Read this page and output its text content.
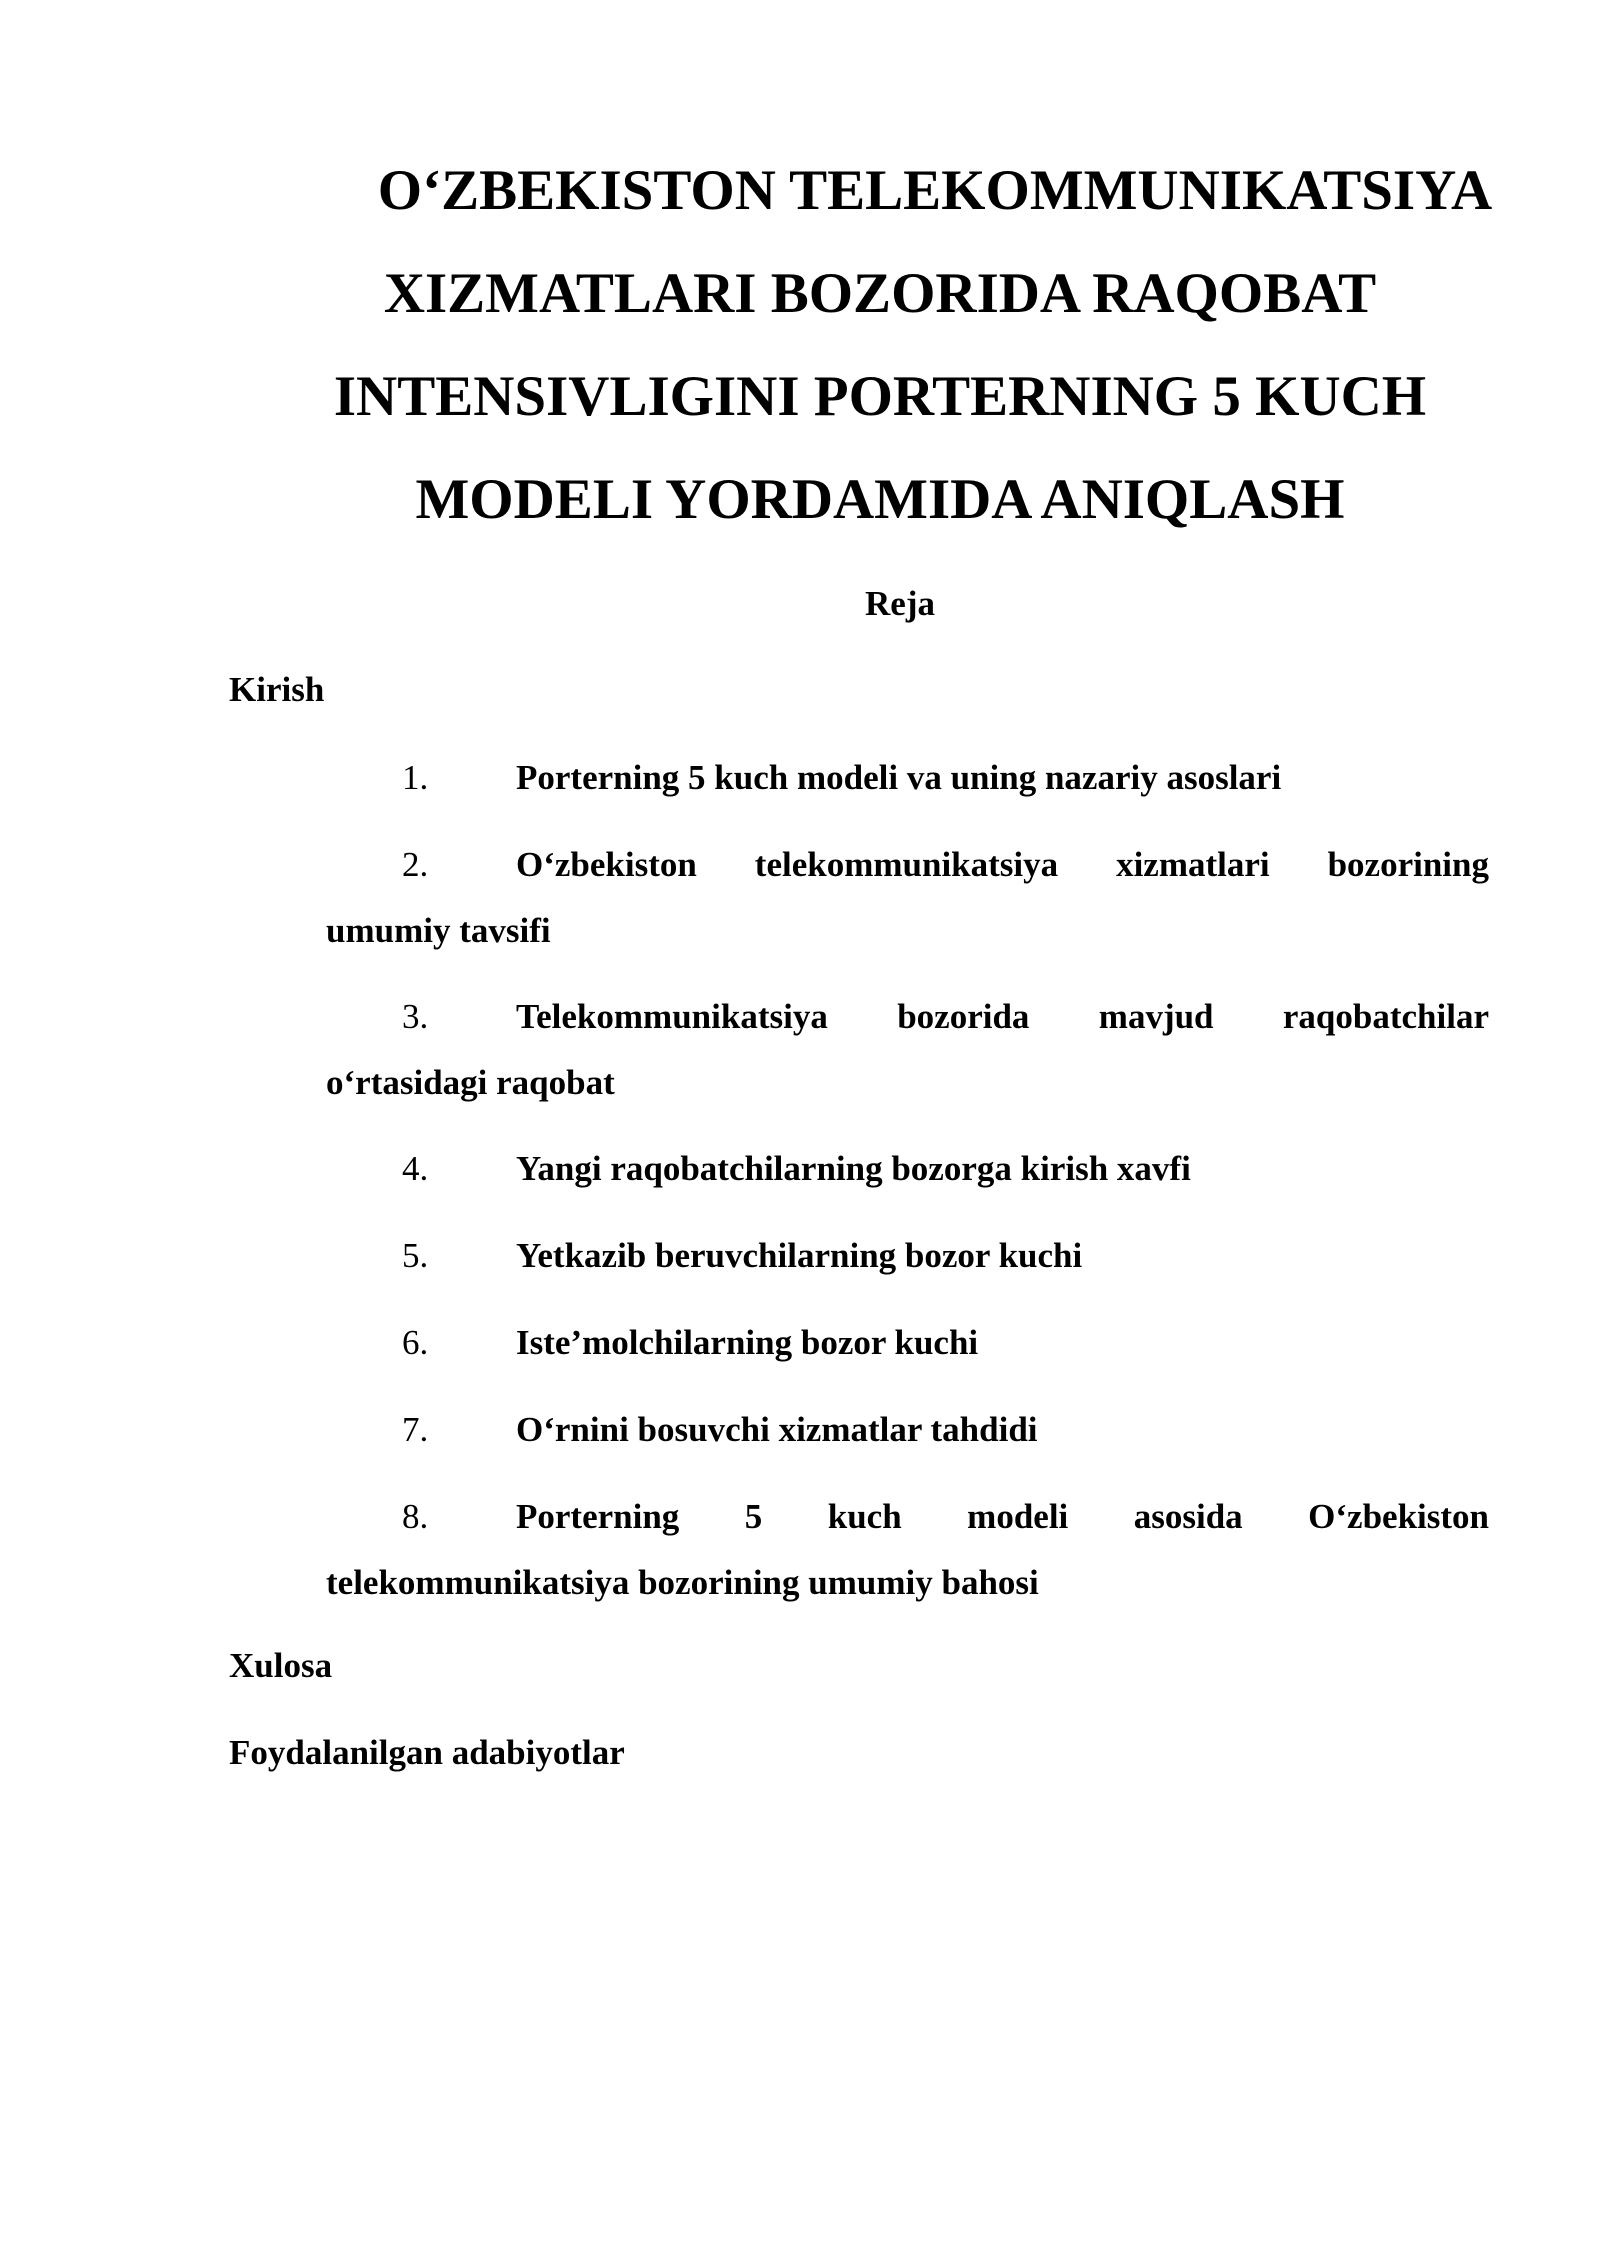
O‘ZBEKISTON TELEKOMMUNIKATSIYA
XIZMATLARI BOZORIDA RAQOBAT
INTENSIVLIGINI PORTERNING 5 KUCH
MODELI YORDAMIDA ANIQLASH

Reja

Kirish

1.	Porterning 5 kuch modeli va uning nazariy asoslari
2.	O‘zbekiston telekommunikatsiya xizmatlari bozorining
umumiy tavsifi
3.	Telekommunikatsiya bozorida mavjud raqobatchilar
o‘rtasidagi raqobat
4.	Yangi raqobatchilarning bozorga kirish xavfi
5.	Yetkazib beruvchilarning bozor kuchi
6.	Iste’molchilarning bozor kuchi
7.	O‘rnini bosuvchi xizmatlar tahdidi
8.	Porterning 5 kuch modeli asosida O‘zbekiston
telekommunikatsiya bozorining umumiy bahosi

Xulosa

Foydalanilgan adabiyotlar
